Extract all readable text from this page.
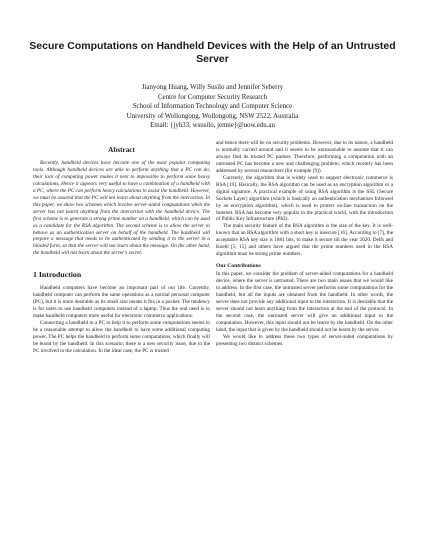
Secure Computations on Handheld Devices with the Help of an Untrusted Server
Jianyong Huang, Willy Susilo and Jennifer Seberry
Centre for Computer Security Research
School of Information Technology and Computer Science
University of Wollongong, Wollongong, NSW 2522, Australia
Email: {jyh33, wsusilo, jennie}@uow.edu.au
Abstract

Recently, handheld devices have become one of the most popular computing tools. Although handheld devices are able to perform anything that a PC can do, their lack of computing power makes it next to impossible to perform some heavy calculations. Hence it appears very useful to have a combination of a handheld with a PC, where the PC can perform heavy calculations to assist the handheld. However, we must be assured that the PC will not learn about anything from the interaction. In this paper, we show two schemes which involve server-aided computations when the server has not learnt anything from the interaction with the handheld device. The first scheme is to generate a strong prime number on a handheld, which can be used as a candidate for the RSA algorithm. The second scheme is to allow the server to behave as an authentication server on behalf of the handheld. The handheld will prepare a message that needs to be authenticated by sending it to the server in a blinded form, so that the server will not learn about the message. On the other hand, the handheld will not learn about the server's secret.

1 Introduction

Handheld computers have become an important part of our life. Currently, handheld computer can perform the same operations as a normal personal computer (PC), but it is more desirable as its small size means it fits in a pocket. The tendency is for users to use handheld computers instead of a laptop. Thus the real need is to make handheld computers more useful for electronic commerce applications.

Connecting a handheld to a PC to help it to perform some computations seems to be a reasonable attempt to allow the handheld to have some additional computing power. The PC helps the handheld to perform some computations, which finally will be learnt by the handheld. In this scenario, there is a new security issue, due to the PC involved in the calculation. In the ideal case, the PC is trusted

and hence there will be no security problems. However, due to its nature, a handheld is normally carried around and it seems to be unreasonable to assume that it can always find its trusted PC partner. Therefore, performing a computation with an untrusted PC has become a new and challenging problem, which recently has been addressed by several researchers (for example [9]).

Currently, the algorithm that is widely used to support electronic commerce is RSA [19]. Basically, the RSA algorithm can be used as an encryption algorithm or a digital signature. A practical example of using RSA algorithm is the SSL (Secure Sockets Layer) algorithm (which is basically an authentication mechanism followed by an encryption algorithm), which is used to protect on-line transaction on the Internet. RSA has become very popular in the practical world, with the introduction of Public Key Infrastructure (PKI).

The main security feature of the RSA algorithm is the size of the key. It is well-known that an RSA algorithm with a short key is insecure [16]. According to [7], the acceptable RSA key size is 1881 bits, to make it secure till the year 2020. Delfs and Knebl [5, 15] and others have argued that the prime numbers used in the RSA algorithm must be strong prime numbers.

Our Contributions

In this paper, we consider the problem of server-aided computations for a handheld device, where the server is untrusted. There are two main issues that we would like to address. In the first case, the untrusted server performs some computations for the handheld, but all the inputs are obtained from the handheld. In other words, the server does not provide any additional input to the interaction. It is desirable that the server should not learn anything from the interaction at the end of the protocol. In the second case, the untrusted server will give an additional input to the computation. However, this input should not be learnt by the handheld. On the other hand, the input that is given by the handheld should not be learnt by the server.

We would like to address these two types of server-aided computations by presenting two distinct schemes.
